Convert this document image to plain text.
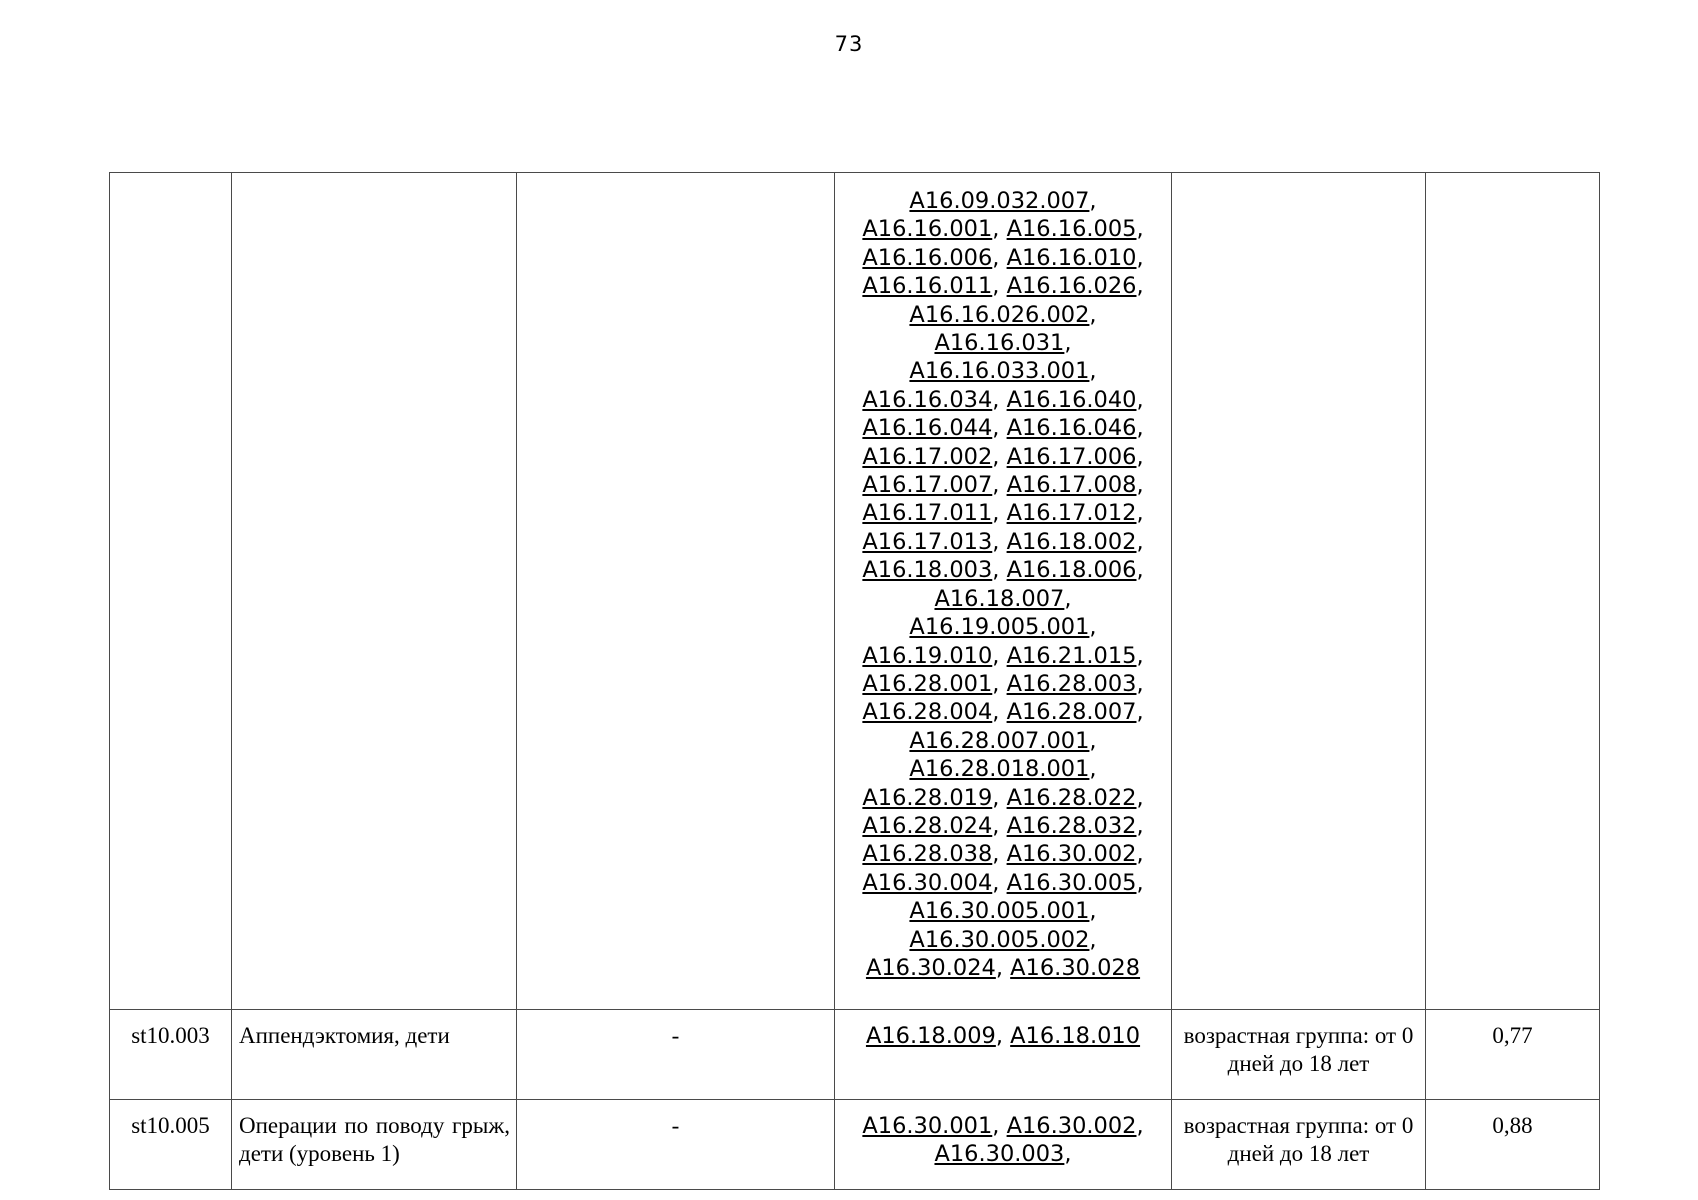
73

			A16.09.032.007, A16.16.001, A16.16.005, A16.16.006, A16.16.010, A16.16.011, A16.16.026, A16.16.026.002, A16.16.031, A16.16.033.001, A16.16.034, A16.16.040, A16.16.044, A16.16.046, A16.17.002, A16.17.006, A16.17.007, A16.17.008, A16.17.011, A16.17.012, A16.17.013, A16.18.002, A16.18.003, A16.18.006, A16.18.007, A16.19.005.001, A16.19.010, A16.21.015, A16.28.001, A16.28.003, A16.28.004, A16.28.007, A16.28.007.001, A16.28.018.001, A16.28.019, A16.28.022, A16.28.024, A16.28.032, A16.28.038, A16.30.002, A16.30.004, A16.30.005, A16.30.005.001, A16.30.005.002, A16.30.024, A16.30.028		

st10.003	Аппендэктомия, дети	-	A16.18.009, A16.18.010	возрастная группа: от 0 дней до 18 лет	0,77
st10.005	Операции по поводу грыж, дети (уровень 1)	-	A16.30.001, A16.30.002, A16.30.003,	возрастная группа: от 0 дней до 18 лет	0,88
